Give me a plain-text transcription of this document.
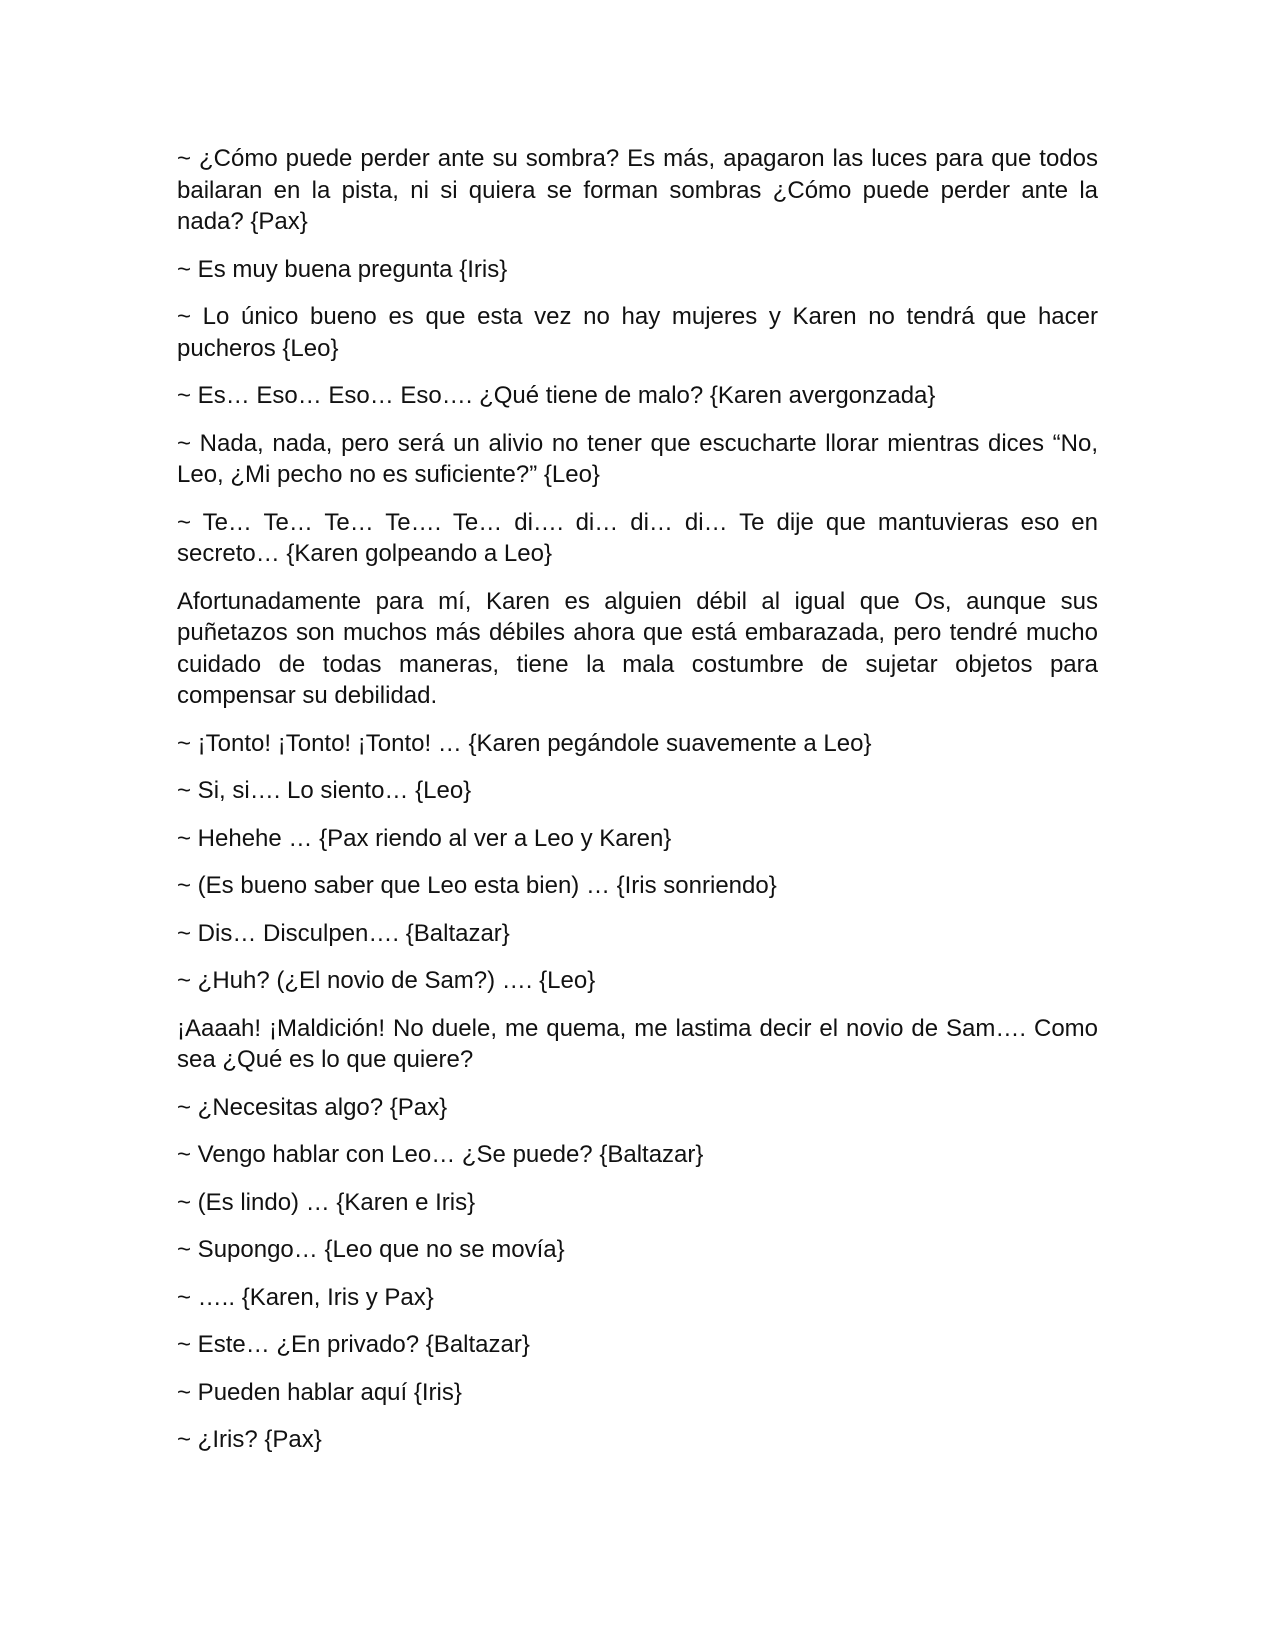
~ ¿Cómo puede perder ante su sombra? Es más, apagaron las luces para que todos bailaran en la pista, ni si quiera se forman sombras ¿Cómo puede perder ante la nada? {Pax}

~ Es muy buena pregunta {Iris}

~ Lo único bueno es que esta vez no hay mujeres y Karen no tendrá que hacer pucheros {Leo}

~ Es… Eso… Eso… Eso…. ¿Qué tiene de malo? {Karen avergonzada}

~ Nada, nada, pero será un alivio no tener que escucharte llorar mientras dices “No, Leo, ¿Mi pecho no es suficiente?” {Leo}

~ Te… Te… Te… Te…. Te… di…. di… di… di… Te dije que mantuvieras eso en secreto… {Karen golpeando a Leo}

Afortunadamente para mí, Karen es alguien débil al igual que Os, aunque sus puñetazos son muchos más débiles ahora que está embarazada, pero tendré mucho cuidado de todas maneras, tiene la mala costumbre de sujetar objetos para compensar su debilidad.

~ ¡Tonto! ¡Tonto! ¡Tonto! … {Karen pegándole suavemente a Leo}

~ Si, si…. Lo siento… {Leo}

~ Hehehe … {Pax riendo al ver a Leo y Karen}

~ (Es bueno saber que Leo esta bien) … {Iris sonriendo}

~ Dis… Disculpen…. {Baltazar}

~ ¿Huh? (¿El novio de Sam?) …. {Leo}

¡Aaaah! ¡Maldición! No duele, me quema, me lastima decir el novio de Sam…. Como sea ¿Qué es lo que quiere?

~ ¿Necesitas algo? {Pax}

~ Vengo hablar con Leo… ¿Se puede? {Baltazar}

~ (Es lindo) … {Karen e Iris}

~ Supongo… {Leo que no se movía}

~ ….. {Karen, Iris y Pax}

~ Este… ¿En privado? {Baltazar}

~ Pueden hablar aquí {Iris}

~ ¿Iris? {Pax}
